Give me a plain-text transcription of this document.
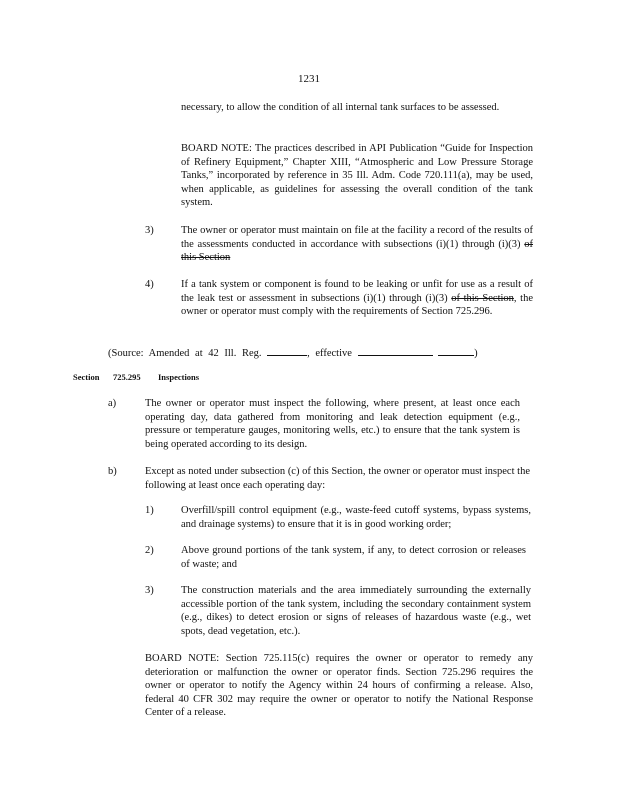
1231
necessary, to allow the condition of all internal tank surfaces to be assessed.
BOARD NOTE: The practices described in API Publication “Guide for Inspection of Refinery Equipment,” Chapter XIII, “Atmospheric and Low Pressure Storage Tanks,” incorporated by reference in 35 Ill. Adm. Code 720.111(a), may be used, when applicable, as guidelines for assessing the overall condition of the tank system.
3)	The owner or operator must maintain on file at the facility a record of the results of the assessments conducted in accordance with subsections (i)(1) through (i)(3) of this Section
4)	If a tank system or component is found to be leaking or unfit for use as a result of the leak test or assessment in subsections (i)(1) through (i)(3) of this Section, the owner or operator must comply with the requirements of Section 725.296.
(Source: Amended at 42 Ill. Reg.	, effective	)
Section 725.295 Inspections
a)	The owner or operator must inspect the following, where present, at least once each operating day, data gathered from monitoring and leak detection equipment (e.g., pressure or temperature gauges, monitoring wells, etc.) to ensure that the tank system is being operated according to its design.
b)	Except as noted under subsection (c) of this Section, the owner or operator must inspect the following at least once each operating day:
1)	Overfill/spill control equipment (e.g., waste-feed cutoff systems, bypass systems, and drainage systems) to ensure that it is in good working order;
2)	Above ground portions of the tank system, if any, to detect corrosion or releases of waste; and
3)	The construction materials and the area immediately surrounding the externally accessible portion of the tank system, including the secondary containment system (e.g., dikes) to detect erosion or signs of releases of hazardous waste (e.g., wet spots, dead vegetation, etc.).
BOARD NOTE: Section 725.115(c) requires the owner or operator to remedy any deterioration or malfunction the owner or operator finds. Section 725.296 requires the owner or operator to notify the Agency within 24 hours of confirming a release. Also, federal 40 CFR 302 may require the owner or operator to notify the National Response Center of a release.
